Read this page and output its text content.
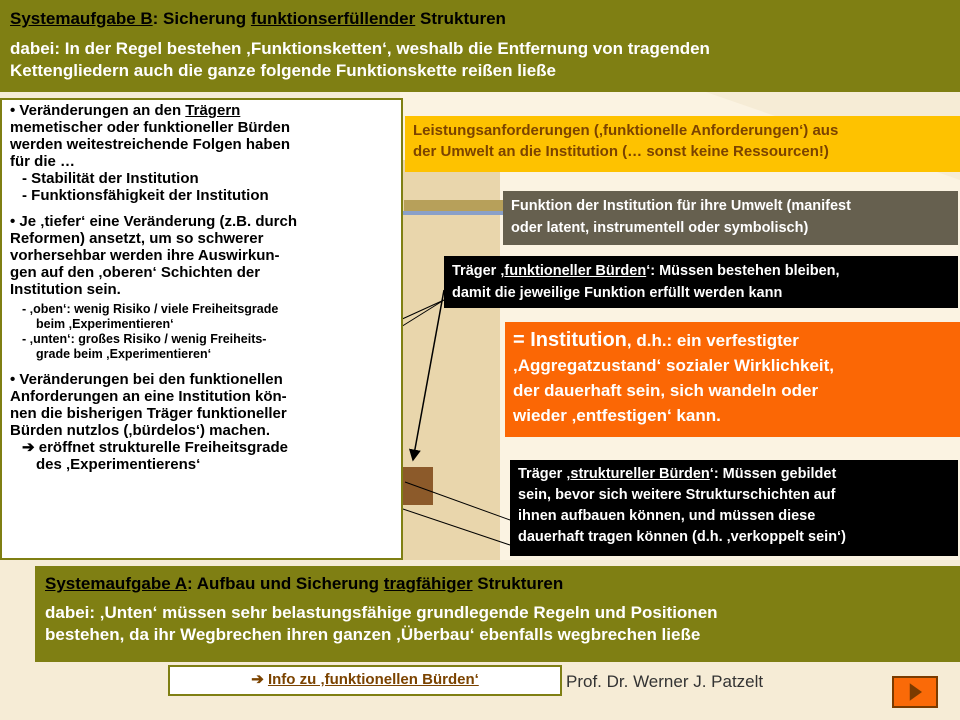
Systemaufgabe B: Sicherung funktionserfüllender Strukturen
dabei: In der Regel bestehen ‚Funktionsketten‘, weshalb die Entfernung von tragenden
Kettengliedern auch die ganze folgende Funktionskette reißen ließe
• Veränderungen an den Trägern
memetischer oder funktioneller Bürden
werden weitestreichende Folgen haben
für die …
- Stabilität der Institution
- Funktionsfähigkeit der Institution
• Je ‚tiefer‘ eine Veränderung (z.B. durch
Reformen) ansetzt, um so schwerer
vorhersehbar werden ihre Auswirkun-
gen auf den ‚oberen‘ Schichten der
Institution sein.
- ‚oben‘: wenig Risiko / viele Freiheitsgrade
beim ‚Experimentieren‘
- ‚unten‘: großes Risiko / wenig Freiheits-
grade beim ‚Experimentieren‘
• Veränderungen bei den funktionellen
Anforderungen an eine Institution kön-
nen die bisherigen Träger funktioneller
Bürden nutzlos (‚bürdelos‘) machen.
➔ eröffnet strukturelle Freiheitsgrade
des ‚Experimentierens‘
Leistungsanforderungen (‚funktionelle Anforderungen‘) aus
der Umwelt an die Institution (… sonst keine Ressourcen!)
Funktion der Institution für ihre Umwelt (manifest
oder latent, instrumentell oder symbolisch)
Träger ‚funktioneller Bürden‘: Müssen bestehen bleiben,
damit die jeweilige Funktion erfüllt werden kann
= Institution, d.h.: ein verfestigter
‚Aggregatzustand‘ sozialer Wirklichkeit,
der dauerhaft sein, sich wandeln oder
wieder ‚entfestigen‘ kann.
Träger ‚struktureller Bürden‘: Müssen gebildet
sein, bevor sich weitere Strukturschichten auf
ihnen aufbauen können, und müssen diese
dauerhaft tragen können (d.h. ‚verkoppelt sein‘)
Systemaufgabe A: Aufbau und Sicherung tragfähiger Strukturen
dabei: ‚Unten‘ müssen sehr belastungsfähige grundlegende Regeln und Positionen
bestehen, da ihr Wegbrechen ihren ganzen ‚Überbau‘ ebenfalls wegbrechen ließe
➔ Info zu ‚funktionellen Bürden‘	Prof. Dr. Werner J. Patzelt
